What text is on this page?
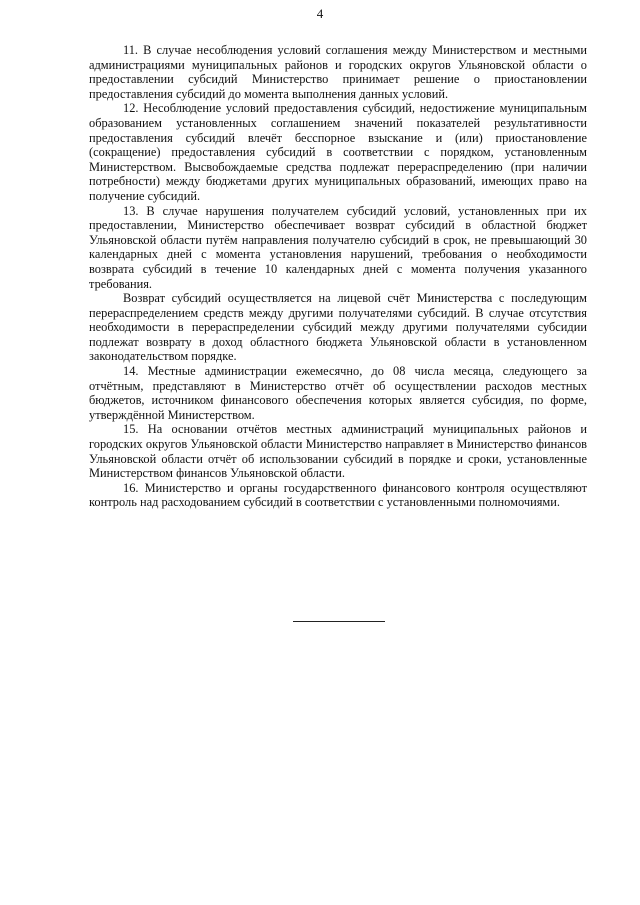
4

11. В случае несоблюдения условий соглашения между Министерством и местными администрациями муниципальных районов и городских округов Ульяновской области о предоставлении субсидий Министерство принимает решение о приостановлении предоставления субсидий до момента выполнения данных условий.

12. Несоблюдение условий предоставления субсидий, недостижение муниципальным образованием установленных соглашением значений показателей результативности предоставления субсидий влечёт бесспорное взыскание и (или) приостановление (сокращение) предоставления субсидий в соответствии с порядком, установленным Министерством. Высвобождаемые средства подлежат перераспределению (при наличии потребности) между бюджетами других муниципальных образований, имеющих право на получение субсидий.

13. В случае нарушения получателем субсидий условий, установленных при их предоставлении, Министерство обеспечивает возврат субсидий в областной бюджет Ульяновской области путём направления получателю субсидий в срок, не превышающий 30 календарных дней с момента установления нарушений, требования о необходимости возврата субсидий в течение 10 календарных дней с момента получения указанного требования.

Возврат субсидий осуществляется на лицевой счёт Министерства с последующим перераспределением средств между другими получателями субсидий. В случае отсутствия необходимости в перераспределении субсидий между другими получателями субсидии подлежат возврату в доход областного бюджета Ульяновской области в установленном законодательством порядке.

14. Местные администрации ежемесячно, до 08 числа месяца, следующего за отчётным, представляют в Министерство отчёт об осуществлении расходов местных бюджетов, источником финансового обеспечения которых является субсидия, по форме, утверждённой Министерством.

15. На основании отчётов местных администраций муниципальных районов и городских округов Ульяновской области Министерство направляет в Министерство финансов Ульяновской области отчёт об использовании субсидий в порядке и сроки, установленные Министерством финансов Ульяновской области.

16. Министерство и органы государственного финансового контроля осуществляют контроль над расходованием субсидий в соответствии с установленными полномочиями.
